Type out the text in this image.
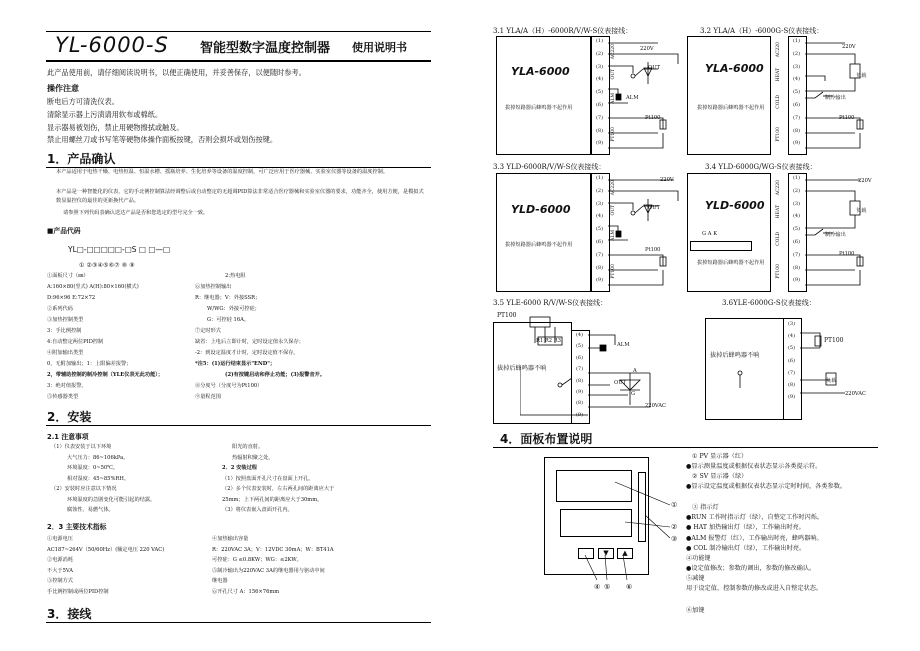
YL-6000-S 智能型数字温度控制器 使用说明书
此产品使用前，请仔细阅读说明书，以便正确使用，并妥善保存，以便随时参考。
操作注意
断电后方可清洗仪表。
清除显示器上污渍请用软布或棉纸。
显示器易被划伤，禁止用硬物擦拭或触及。
禁止用螺丝刀或书写笔等硬物体操作面板按键，否则会损坏或划伤按键。
1．产品确认
本产品适用于电热干燥、电热恒温、恒温水槽、摇瓶培养、生化培养等设备的温度控制，可广泛应用于医疗器械、实验室仪器等设备的温度控制。
本产品是一种智能化的仪表，它的手北例控制算法经调整后或自动整定的无超调PID算法非常适合医疗器械和实验室仪器的要求，功能齐全，使用方便，是模拟式数显温控仪的最佳的更新换代产品。
请参照下列代码表确认送达产品是否和您选定的型号完全一致。
■产品代码
YL□-□□□□□-□S □ □—□
① ②③④⑤⑥⑦ ⑧ ⑨
①面板尺寸（㎜）
A:160×80(竖式) A(H):80×160(横式)
D:96×96 E:72×72
②系列代码
③加热控制类型
3：手比例控制
4:自动整定两位PID控制
④附加输出类型
0，无附加输出；1：上限偏差报警；
2，带辅助控制的制冷控制（YLE仪表无此功能）；
3：绝对值报警。
⑤传感器类型
2:热电阻
⑥加热控制输出
R：继电器；V：外接SSR；
W/WG：外接可控硅；
G：可控硅 16A。
⑦定时形式
缺省：上电后立即计时，定时设定值永久保存；
-2：到设定温度才计时，定时设定值不保存。
*注5：(1)运行结束显示"END"；
(2)有按键启动和停止功能；(3)报警音开。
⑧分度号（分度号为Pt100）
⑨量程范围
2．安装
2.1 注意事项
（1）仪表安装于以下环境
大气压力：86~106kPa。
环境温度：0~50℃。
相对湿度：45~85%RH。
（2）安装时应注意以下情况
环境温度的急剧变化可能引起的结露。
腐蚀性、易燃气体。
阳光的直射。
热辐射积聚之处。
2．2 安装过程
（1）按照盘面开孔尺寸在盘面上开孔。
（2）多个仪表安装时，左右两孔间的距离应大于
25mm；上下两孔间的距离应大于30mm。
（3）将仪表嵌入盘面开孔内。
2．3 主要技术指标
①电源电压
AC187~264V（50/60Hz）(额定电压 220 VAC)
②电源消耗
不大于5VA
③控制方式
手比例控制或两位PID控制
④加热输出容量
R：220VAC 3A；V：12VDC 30mA；W：BT41A
可控硅：G ≤0.8KW；WG：≤2KW。
⑤制冷输出为220VAC 3A的继电器用与驱动中间
继电器
⑥开孔尺寸 A：156×76mm
3．接线
3.1 YLA/A（H）-6000R/V/W-S仪表接线：	3.2 YLA/A（H）-6000G-S仪表接线：
3.3 YLD-6000R/V/W-S仪表接线：	3.4 YLD-6000G/WG-S仪表接线：
3.5 YLE-6000 R/V/W-S仪表接线：	3.6YLE-6000G-S仪表接线：
YLA-6000
拔掉短路器后蜂鸣器不起作用
AC220
OUT
ALM
PT100
220V
OUT
ALM
Pt100
(1)
(2)
(3)
(4)
(5)
(6)
(7)
(8)
(9)
YLA-6000
拔掉短路器后蜂鸣器不起作用
AC220
HEAT
COLD
PT100
220V
负载
制冷输出
Pt100
(1)
(2)
(3)
(4)
(5)
(6)
(7)
(8)
(9)
YLD-6000
拔掉短路器后蜂鸣器不起作用
AC220
OUT
ALM
PT100
220V
OUT
Pt100
(1)
(2)
(3)
(4)
(5)
(6)
(7)
(8)
(9)
YLD-6000
G A K
拔掉短路器后蜂鸣器不起作用
AC220
HEAT
COLD
PT100
220V
负载
制冷输出
Pt100
(1)
(2)
(3)
(4)
(5)
(6)
(7)
(8)
(9)
PT100
R1 R2 R3
拔掉后蜂鸣器不响
ALM
A
OUT
G
220VAC
(4)
(5)
(6)
(7)
(8)
(9)
(8)
(9)
拔掉后蜂鸣器不响
PT100
负载
220VAC
(3)
(4)
(5)
(6)
(7)
(8)
(9)
4．面板布置说明
▼	▲
①
②
③
④ ⑤ ⑥
① PV 显示器（红）
●显示测量温度或根据仪表状态显示各类提示符。
② SV 显示器（绿）
●显示设定温度或根据仪表状态显示定时时间，各类参数。
③ 指示灯
●RUN 工作时指示灯（绿），自整定工作时闪烁。
● HAT 加热输出灯（绿），工作输出时亮。
●ALM 报警灯（红），工作输出时亮，蜂鸣器响。
● COL 制冷输出灯（绿），工作输出时亮。
④功能键
●设定值修改；参数的调出，参数的修改确认。
⑤减键
用于设定值、控制参数的修改或进入自整定状态。
⑥加键
